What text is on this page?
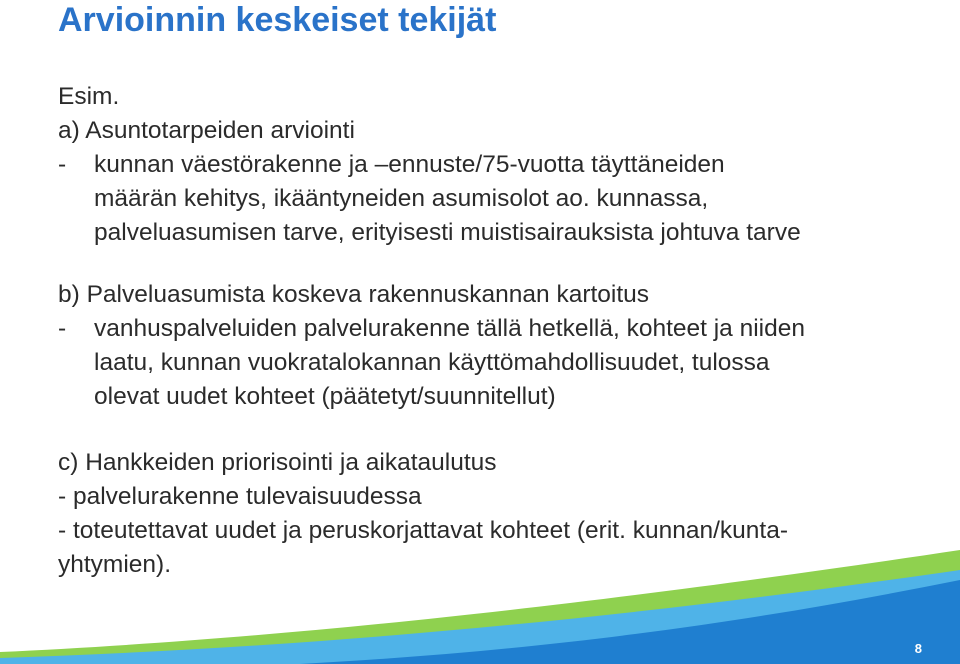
Arvioinnin keskeiset tekijät
Esim.
a) Asuntotarpeiden arviointi
-	kunnan väestörakenne ja –ennuste/75-vuotta täyttäneiden
määrän kehitys, ikääntyneiden asumisolot ao. kunnassa,
palveluasumisen tarve, erityisesti muistisairauksista johtuva tarve
b) Palveluasumista koskeva rakennuskannan kartoitus
-	vanhuspalveluiden palvelurakenne tällä hetkellä, kohteet ja niiden
laatu, kunnan vuokratalokannan käyttömahdollisuudet, tulossa
olevat uudet kohteet (päätetyt/suunnitellut)
c) Hankkeiden priorisointi ja aikataulutus
- palvelurakenne tulevaisuudessa
- toteutettavat uudet ja peruskorjattavat kohteet (erit. kunnan/kunta-
yhtymien).
8
